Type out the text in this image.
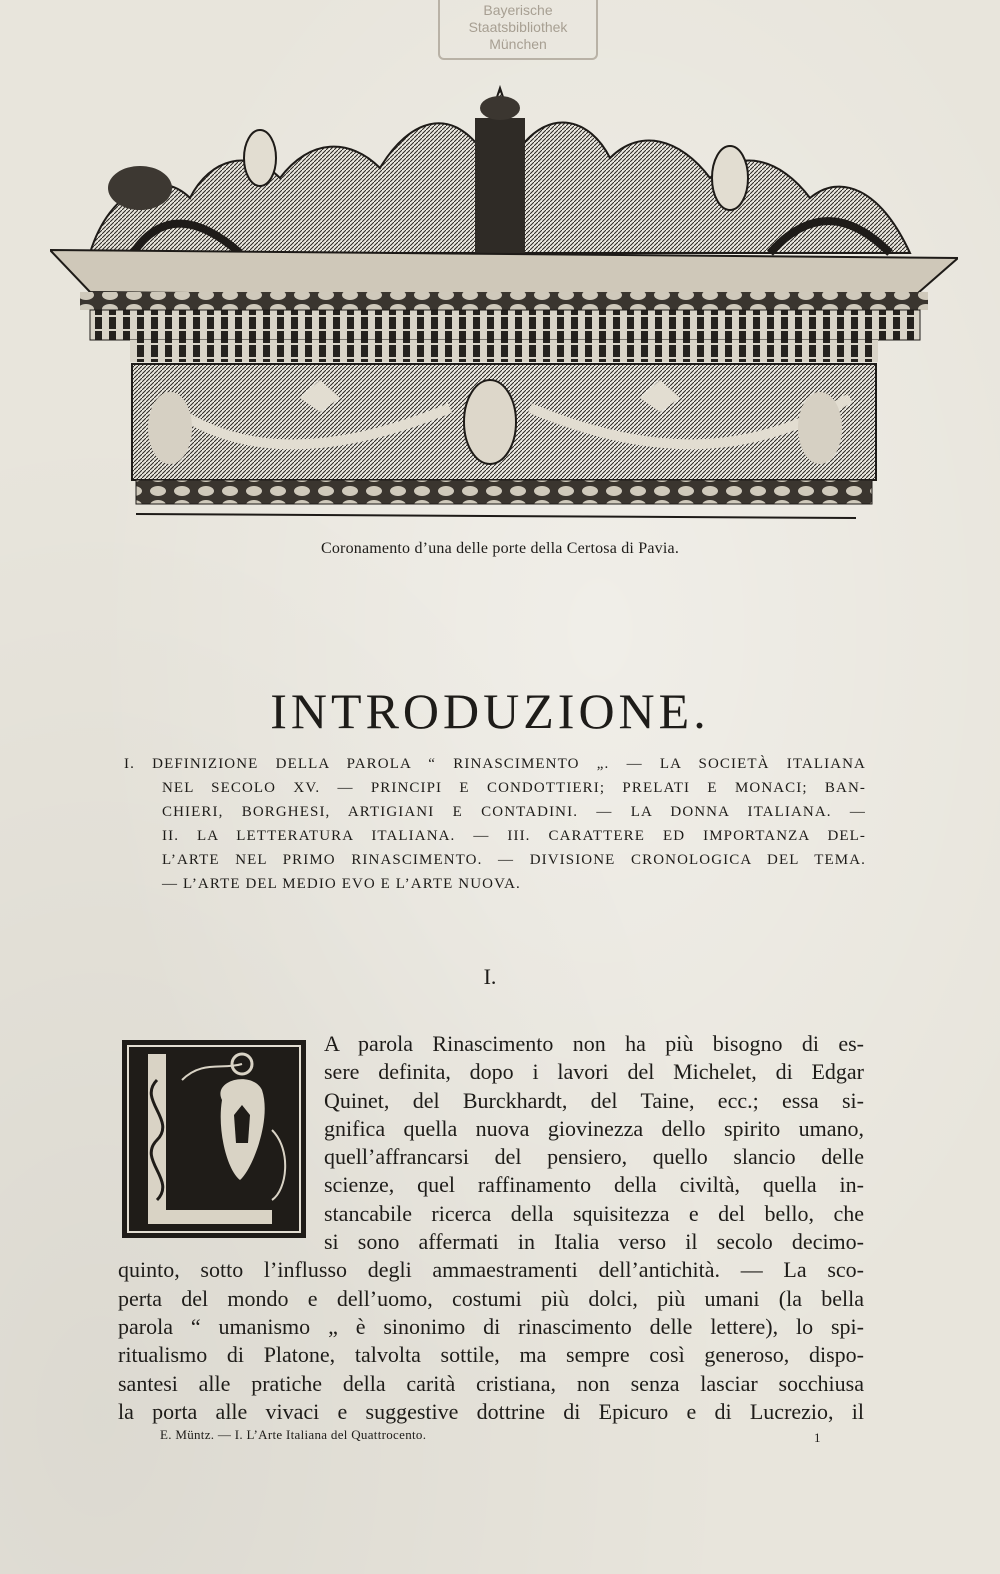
Bayerische
Staatsbibliothek
München
Coronamento d’una delle porte della Certosa di Pavia.
INTRODUZIONE.
I. DEFINIZIONE DELLA PAROLA “ RINASCIMENTO „. — LA SOCIETÀ ITALIANA
NEL SECOLO XV. — PRINCIPI E CONDOTTIERI; PRELATI E MONACI; BAN-
CHIERI, BORGHESI, ARTIGIANI E CONTADINI. — LA DONNA ITALIANA. —
II. LA LETTERATURA ITALIANA. — III. CARATTERE ED IMPORTANZA DEL-
L’ARTE NEL PRIMO RINASCIMENTO. — DIVISIONE CRONOLOGICA DEL TEMA.
— L’ARTE DEL MEDIO EVO E L’ARTE NUOVA.
I.
A parola Rinascimento non ha più bisogno di es-
sere definita, dopo i lavori del Michelet, di Edgar
Quinet, del Burckhardt, del Taine, ecc.; essa si-
gnifica quella nuova giovinezza dello spirito umano,
quell’affrancarsi del pensiero, quello slancio delle
scienze, quel raffinamento della civiltà, quella in-
stancabile ricerca della squisitezza e del bello, che
si sono affermati in Italia verso il secolo decimo-
quinto, sotto l’influsso degli ammaestramenti dell’antichità. — La sco-
perta del mondo e dell’uomo, costumi più dolci, più umani (la bella
parola “ umanismo „ è sinonimo di rinascimento delle lettere), lo spi-
ritualismo di Platone, talvolta sottile, ma sempre così generoso, dispo-
santesi alle pratiche della carità cristiana, non senza lasciar socchiusa
la porta alle vivaci e suggestive dottrine di Epicuro e di Lucrezio, il
E. Müntz. — I. L’Arte Italiana del Quattrocento.	1
